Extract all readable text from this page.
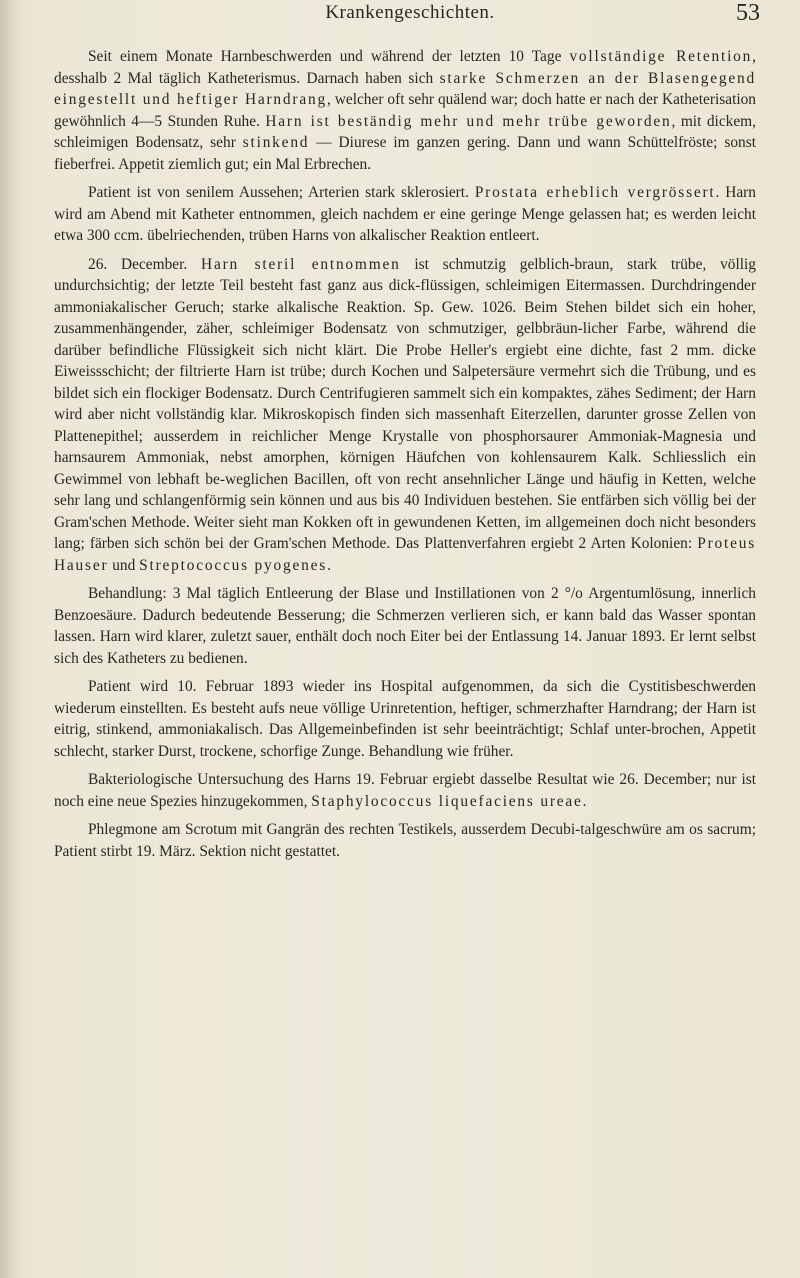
Krankengeschichten.	53

Seit einem Monate Harnbeschwerden und während der letzten 10 Tage vollständige Retention, desshalb 2 Mal täglich Katheterismus. Darnach haben sich starke Schmerzen an der Blasengegend eingestellt und heftiger Harndrang, welcher oft sehr quälend war; doch hatte er nach der Katheterisation gewöhnlich 4—5 Stunden Ruhe. Harn ist beständig mehr und mehr trübe geworden, mit dickem, schleimigen Bodensatz, sehr stinkend — Diurese im ganzen gering. Dann und wann Schüttelfröste; sonst fieberfrei. Appetit ziemlich gut; ein Mal Erbrechen.

Patient ist von senilem Aussehen; Arterien stark sklerosiert. Prostata erheblich vergrössert. Harn wird am Abend mit Katheter entnommen, gleich nachdem er eine geringe Menge gelassen hat; es werden leicht etwa 300 ccm. übelriechenden, trüben Harns von alkalischer Reaktion entleert.

26. December. Harn steril entnommen ist schmutzig gelblich-braun, stark trübe, völlig undurchsichtig; der letzte Teil besteht fast ganz aus dick-flüssigen, schleimigen Eitermassen. Durchdringender ammoniakalischer Geruch; starke alkalische Reaktion. Sp. Gew. 1026. Beim Stehen bildet sich ein hoher, zusammenhängender, zäher, schleimiger Bodensatz von schmutziger, gelbbräun-licher Farbe, während die darüber befindliche Flüssigkeit sich nicht klärt. Die Probe Heller's ergiebt eine dichte, fast 2 mm. dicke Eiweissschicht; der filtrierte Harn ist trübe; durch Kochen und Salpetersäure vermehrt sich die Trübung, und es bildet sich ein flockiger Bodensatz. Durch Centrifugieren sammelt sich ein kompaktes, zähes Sediment; der Harn wird aber nicht vollständig klar. Mikroskopisch finden sich massenhaft Eiterzellen, darunter grosse Zellen von Plattenepithel; ausserdem in reichlicher Menge Krystalle von phosphorsaurer Ammoniak-Magnesia und harnsaurem Ammoniak, nebst amorphen, körnigen Häufchen von kohlensaurem Kalk. Schliesslich ein Gewimmel von lebhaft be-weglichen Bacillen, oft von recht ansehnlicher Länge und häufig in Ketten, welche sehr lang und schlangenförmig sein können und aus bis 40 Individuen bestehen. Sie entfärben sich völlig bei der Gram'schen Methode. Weiter sieht man Kokken oft in gewundenen Ketten, im allgemeinen doch nicht besonders lang; färben sich schön bei der Gram'schen Methode. Das Plattenverfahren ergiebt 2 Arten Kolonien: Proteus Hauser und Streptococcus pyogenes.

Behandlung: 3 Mal täglich Entleerung der Blase und Instillationen von 2 °/o Argentumlösung, innerlich Benzoesäure. Dadurch bedeutende Besserung; die Schmerzen verlieren sich, er kann bald das Wasser spontan lassen. Harn wird klarer, zuletzt sauer, enthält doch noch Eiter bei der Entlassung 14. Januar 1893. Er lernt selbst sich des Katheters zu bedienen.

Patient wird 10. Februar 1893 wieder ins Hospital aufgenommen, da sich die Cystitisbeschwerden wiederum einstellten. Es besteht aufs neue völlige Urinretention, heftiger, schmerzhafter Harndrang; der Harn ist eitrig, stinkend, ammoniakalisch. Das Allgemeinbefinden ist sehr beeinträchtigt; Schlaf unter-brochen, Appetit schlecht, starker Durst, trockene, schorfige Zunge. Behandlung wie früher.

Bakteriologische Untersuchung des Harns 19. Februar ergiebt dasselbe Resultat wie 26. December; nur ist noch eine neue Spezies hinzugekommen, Staphylococcus liquefaciens ureae.

Phlegmone am Scrotum mit Gangrän des rechten Testikels, ausserdem Decubi-talgeschwüre am os sacrum; Patient stirbt 19. März. Sektion nicht gestattet.
